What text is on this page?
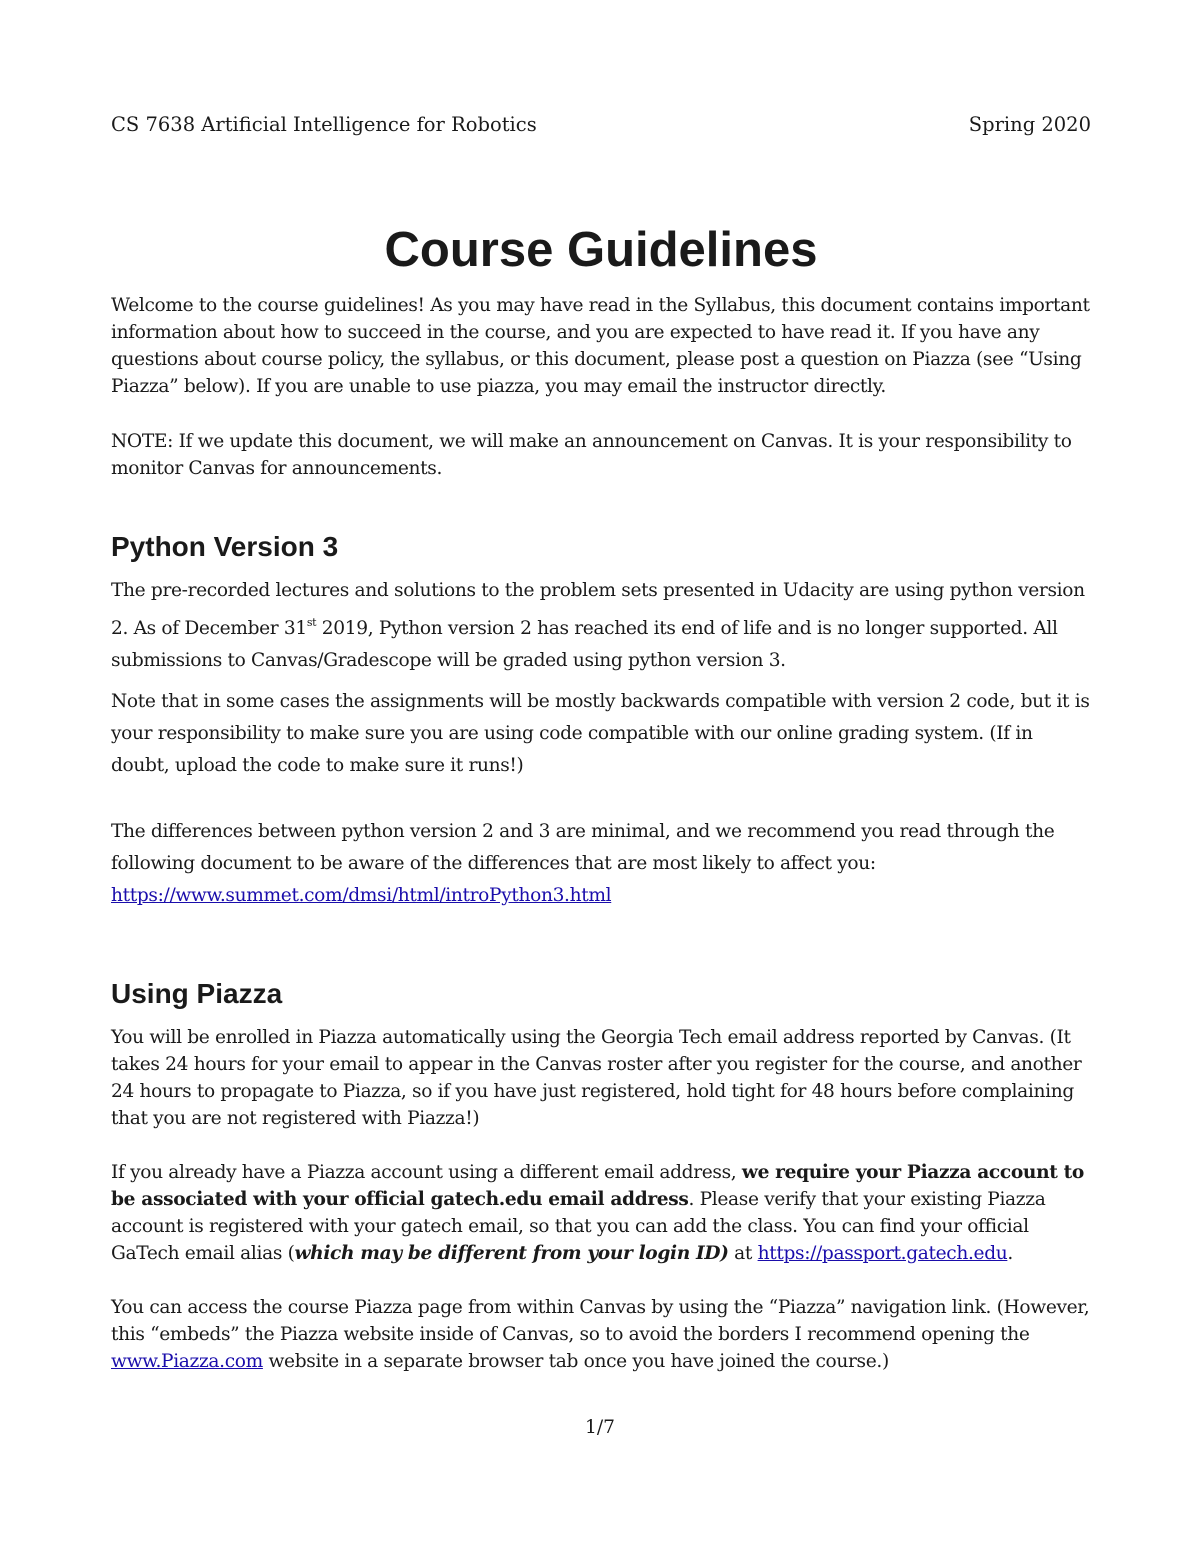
CS 7638 Artificial Intelligence for Robotics	Spring 2020
Course Guidelines

Welcome to the course guidelines! As you may have read in the Syllabus, this document contains important information about how to succeed in the course, and you are expected to have read it. If you have any questions about course policy, the syllabus, or this document, please post a question on Piazza (see “Using Piazza” below). If you are unable to use piazza, you may email the instructor directly.

NOTE: If we update this document, we will make an announcement on Canvas. It is your responsibility to monitor Canvas for announcements.

Python Version 3

The pre-recorded lectures and solutions to the problem sets presented in Udacity are using python version 2. As of December 31st 2019, Python version 2 has reached its end of life and is no longer supported. All submissions to Canvas/Gradescope will be graded using python version 3.

Note that in some cases the assignments will be mostly backwards compatible with version 2 code, but it is your responsibility to make sure you are using code compatible with our online grading system. (If in doubt, upload the code to make sure it runs!)

The differences between python version 2 and 3 are minimal, and we recommend you read through the following document to be aware of the differences that are most likely to affect you:
https://www.summet.com/dmsi/html/introPython3.html

Using Piazza

You will be enrolled in Piazza automatically using the Georgia Tech email address reported by Canvas. (It takes 24 hours for your email to appear in the Canvas roster after you register for the course, and another 24 hours to propagate to Piazza, so if you have just registered, hold tight for 48 hours before complaining that you are not registered with Piazza!)

If you already have a Piazza account using a different email address, we require your Piazza account to be associated with your official gatech.edu email address. Please verify that your existing Piazza account is registered with your gatech email, so that you can add the class. You can find your official GaTech email alias (which may be different from your login ID) at https://passport.gatech.edu.

You can access the course Piazza page from within Canvas by using the “Piazza” navigation link. (However, this “embeds” the Piazza website inside of Canvas, so to avoid the borders I recommend opening the www.Piazza.com website in a separate browser tab once you have joined the course.)

1/7
